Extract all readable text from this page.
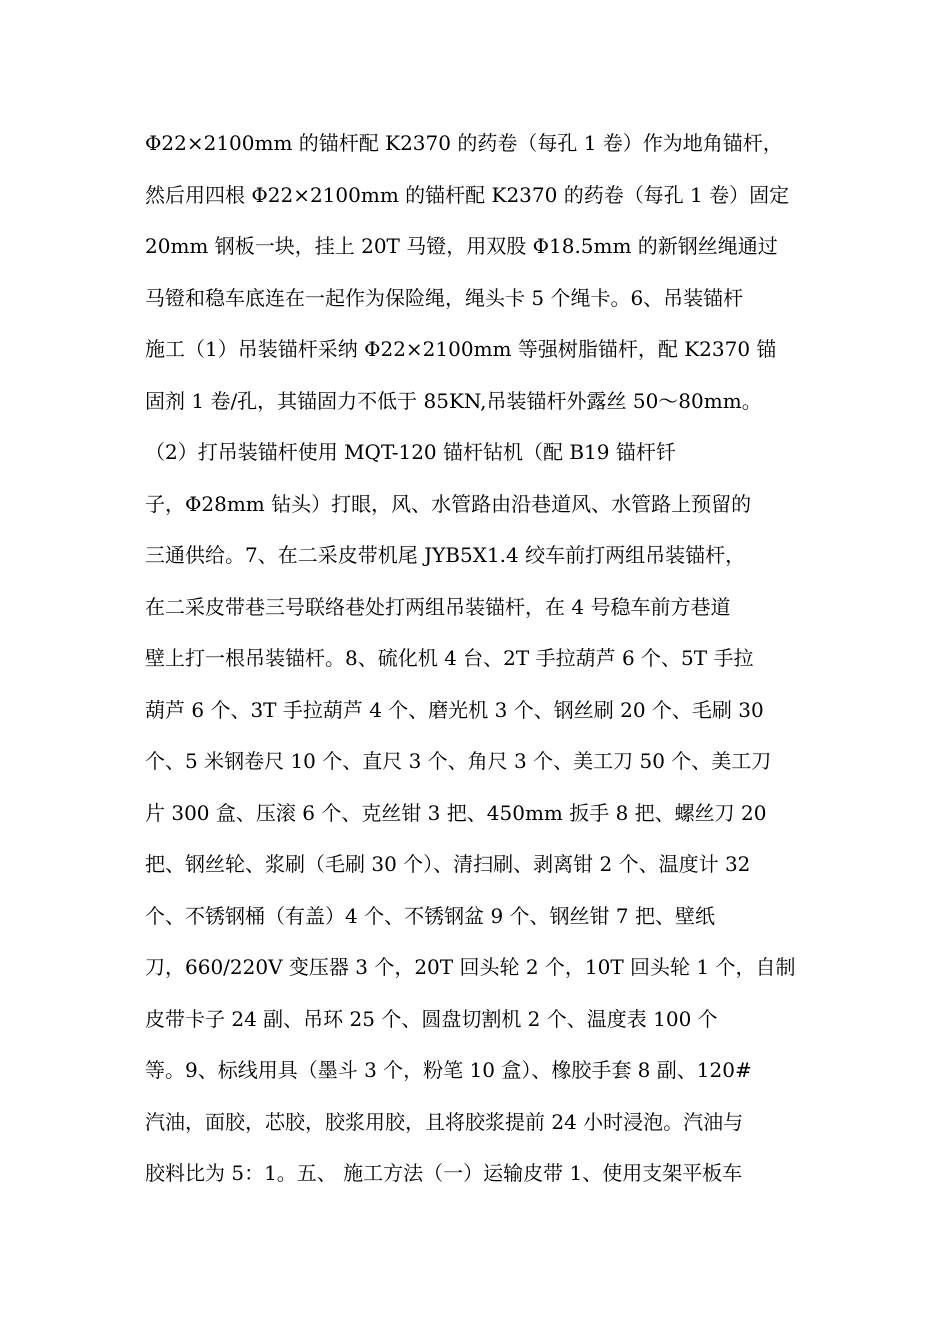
Φ22×2100mm 的锚杆配 K2370 的药卷（每孔 1 卷）作为地角锚杆，
然后用四根 Φ22×2100mm 的锚杆配 K2370 的药卷（每孔 1 卷）固定
20mm 钢板一块，挂上 20T 马镫，用双股 Φ18.5mm 的新钢丝绳通过
马镫和稳车底连在一起作为保险绳，绳头卡 5 个绳卡。6、吊装锚杆
施工（1）吊装锚杆采纳 Φ22×2100mm 等强树脂锚杆，配 K2370 锚
固剂 1 卷/孔，其锚固力不低于 85KN,吊装锚杆外露丝 50～80mm。
（2）打吊装锚杆使用 MQT-120 锚杆钻机（配 B19 锚杆钎
子，Φ28mm 钻头）打眼，风、水管路由沿巷道风、水管路上预留的
三通供给。7、在二采皮带机尾 JYB5X1.4 绞车前打两组吊装锚杆，
在二采皮带巷三号联络巷处打两组吊装锚杆，在 4 号稳车前方巷道
壁上打一根吊装锚杆。8、硫化机 4 台、2T 手拉葫芦 6 个、5T 手拉
葫芦 6 个、3T 手拉葫芦 4 个、磨光机 3 个、钢丝刷 20 个、毛刷 30
个、5 米钢卷尺 10 个、直尺 3 个、角尺 3 个、美工刀 50 个、美工刀
片 300 盒、压滚 6 个、克丝钳 3 把、450mm 扳手 8 把、螺丝刀 20
把、钢丝轮、浆刷（毛刷 30 个）、清扫刷、剥离钳 2 个、温度计 32
个、不锈钢桶（有盖）4 个、不锈钢盆 9 个、钢丝钳 7 把、壁纸
刀，660/220V 变压器 3 个，20T 回头轮 2 个，10T 回头轮 1 个，自制
皮带卡子 24 副、吊环 25 个、圆盘切割机 2 个、温度表 100 个
等。9、标线用具（墨斗 3 个，粉笔 10 盒）、橡胶手套 8 副、120#
汽油，面胶，芯胶，胶浆用胶，且将胶浆提前 24 小时浸泡。汽油与
胶料比为 5：1。五、 施工方法（一）运输皮带 1、使用支架平板车
